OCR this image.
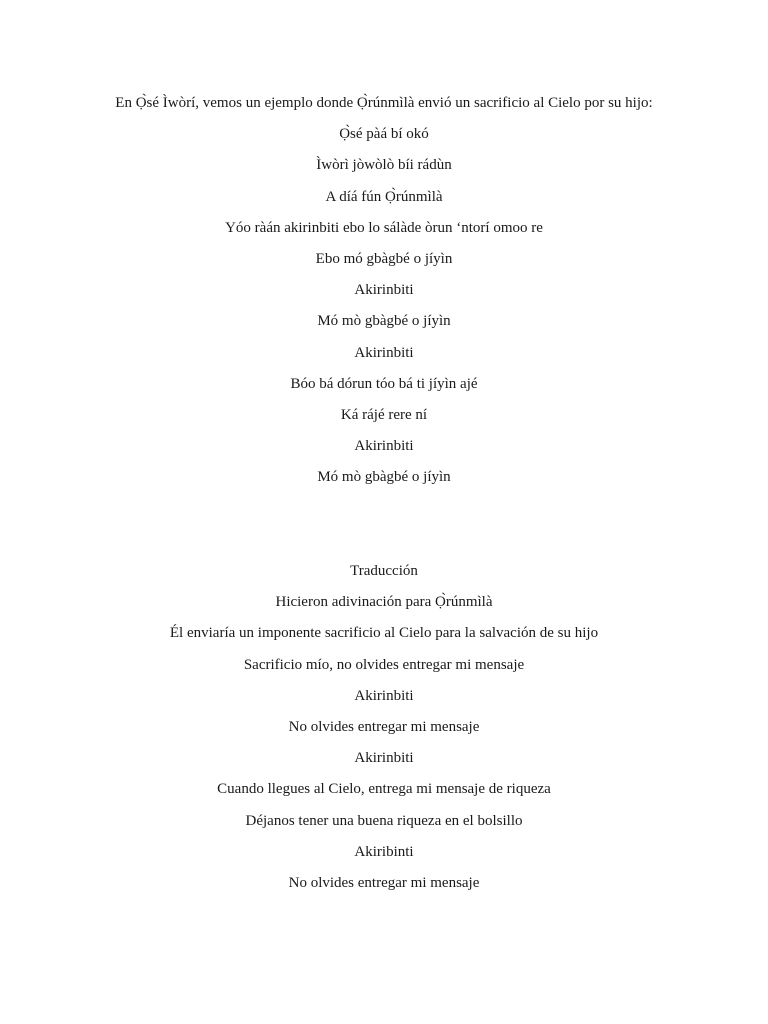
En Ọ̀sé Ìwòrí, vemos un ejemplo donde Ọ̀rúnmìlà envió un sacrificio al Cielo por su hijo:
Ọ̀sé pàá bí okó
Ìwòrì jòwòlò bíi rádùn
A díá fún Ọ̀rúnmìlà
Yóo ràán akirinbiti ebo lo sálàde òrun ʻntorí omoo re
Ebo mó gbàgbé o jíyìn
Akirinbiti
Mó mò gbàgbé o jíyìn
Akirinbiti
Bóo bá dórun tóo bá ti jíyìn ajé
Ká rájé rere ní
Akirinbiti
Mó mò gbàgbé o jíyìn
Traducción
Hicieron adivinación para Ọ̀rúnmìlà
Él enviaría un imponente sacrificio al Cielo para la salvación de su hijo
Sacrificio mío, no olvides entregar mi mensaje
Akirinbiti
No olvides entregar mi mensaje
Akirinbiti
Cuando llegues al Cielo, entrega mi mensaje de riqueza
Déjanos tener una buena riqueza en el bolsillo
Akiribinti
No olvides entregar mi mensaje
